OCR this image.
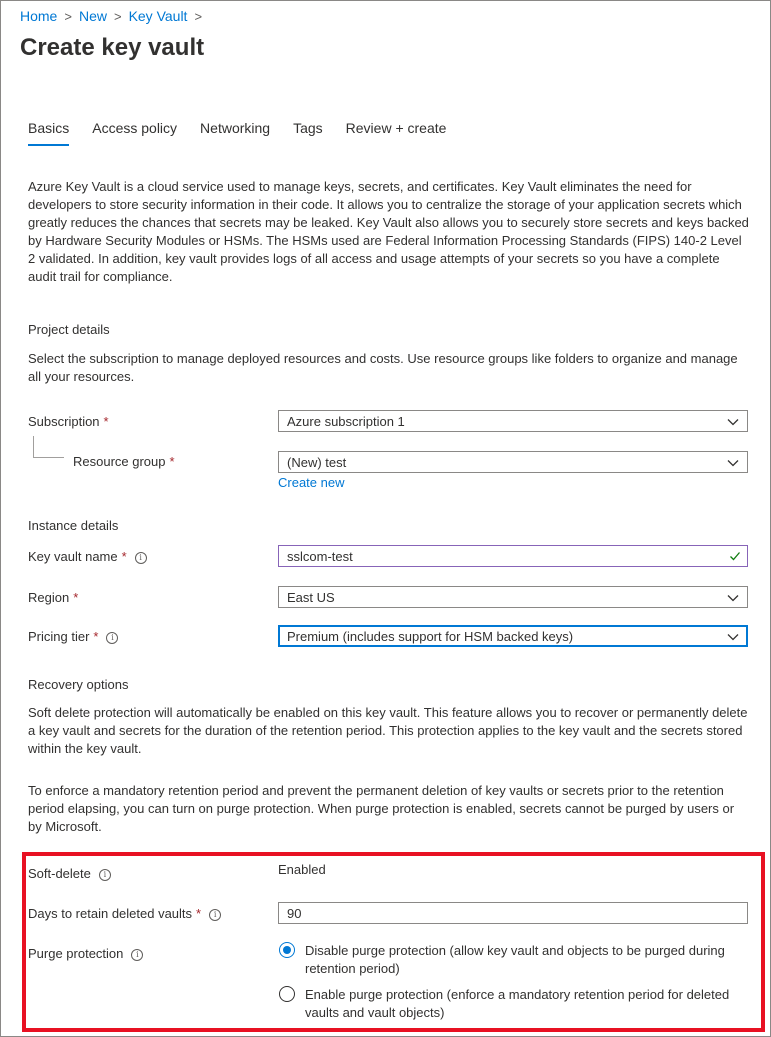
Home > New > Key Vault >
Create key vault
Basics Access policy Networking Tags Review + create
Azure Key Vault is a cloud service used to manage keys, secrets, and certificates. Key Vault eliminates the need for developers to store security information in their code. It allows you to centralize the storage of your application secrets which greatly reduces the chances that secrets may be leaked. Key Vault also allows you to securely store secrets and keys backed by Hardware Security Modules or HSMs. The HSMs used are Federal Information Processing Standards (FIPS) 140-2 Level 2 validated. In addition, key vault provides logs of all access and usage attempts of your secrets so you have a complete audit trail for compliance.
Project details
Select the subscription to manage deployed resources and costs. Use resource groups like folders to organize and manage all your resources.
Subscription *	Azure subscription 1
Resource group *	(New) test
Create new
Instance details
Key vault name * i	sslcom-test
Region *	East US
Pricing tier * i	Premium (includes support for HSM backed keys)
Recovery options
Soft delete protection will automatically be enabled on this key vault. This feature allows you to recover or permanently delete a key vault and secrets for the duration of the retention period. This protection applies to the key vault and the secrets stored within the key vault.
To enforce a mandatory retention period and prevent the permanent deletion of key vaults or secrets prior to the retention period elapsing, you can turn on purge protection. When purge protection is enabled, secrets cannot be purged by users or by Microsoft.
Soft-delete i	Enabled
Days to retain deleted vaults * i	90
Purge protection i	Disable purge protection (allow key vault and objects to be purged during retention period)
Enable purge protection (enforce a mandatory retention period for deleted vaults and vault objects)
